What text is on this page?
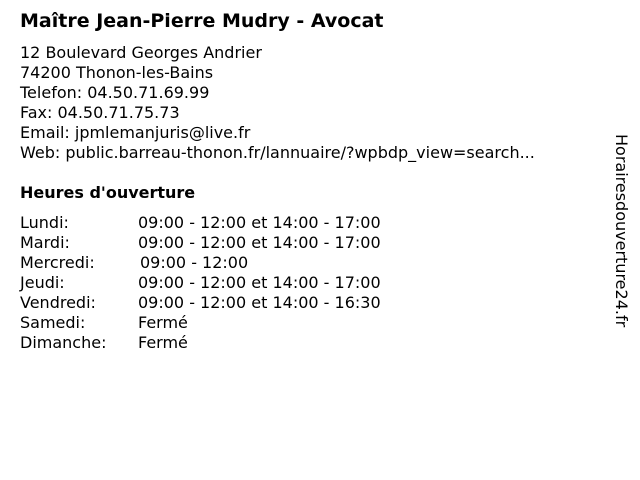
Maître Jean-Pierre Mudry - Avocat
12 Boulevard Georges Andrier
74200 Thonon-les-Bains
Telefon: 04.50.71.69.99
Fax: 04.50.71.75.73
Email: jpmlemanjuris@live.fr
Web: public.barreau-thonon.fr/lannuaire/?wpbdp_view=search...
Heures d'ouverture
Lundi:	09:00 - 12:00 et 14:00 - 17:00
Mardi:	09:00 - 12:00 et 14:00 - 17:00
Mercredi:	09:00 - 12:00
Jeudi:	09:00 - 12:00 et 14:00 - 17:00
Vendredi:	09:00 - 12:00 et 14:00 - 16:30
Samedi:	Fermé
Dimanche: Fermé
Horairesdouverture24.fr
